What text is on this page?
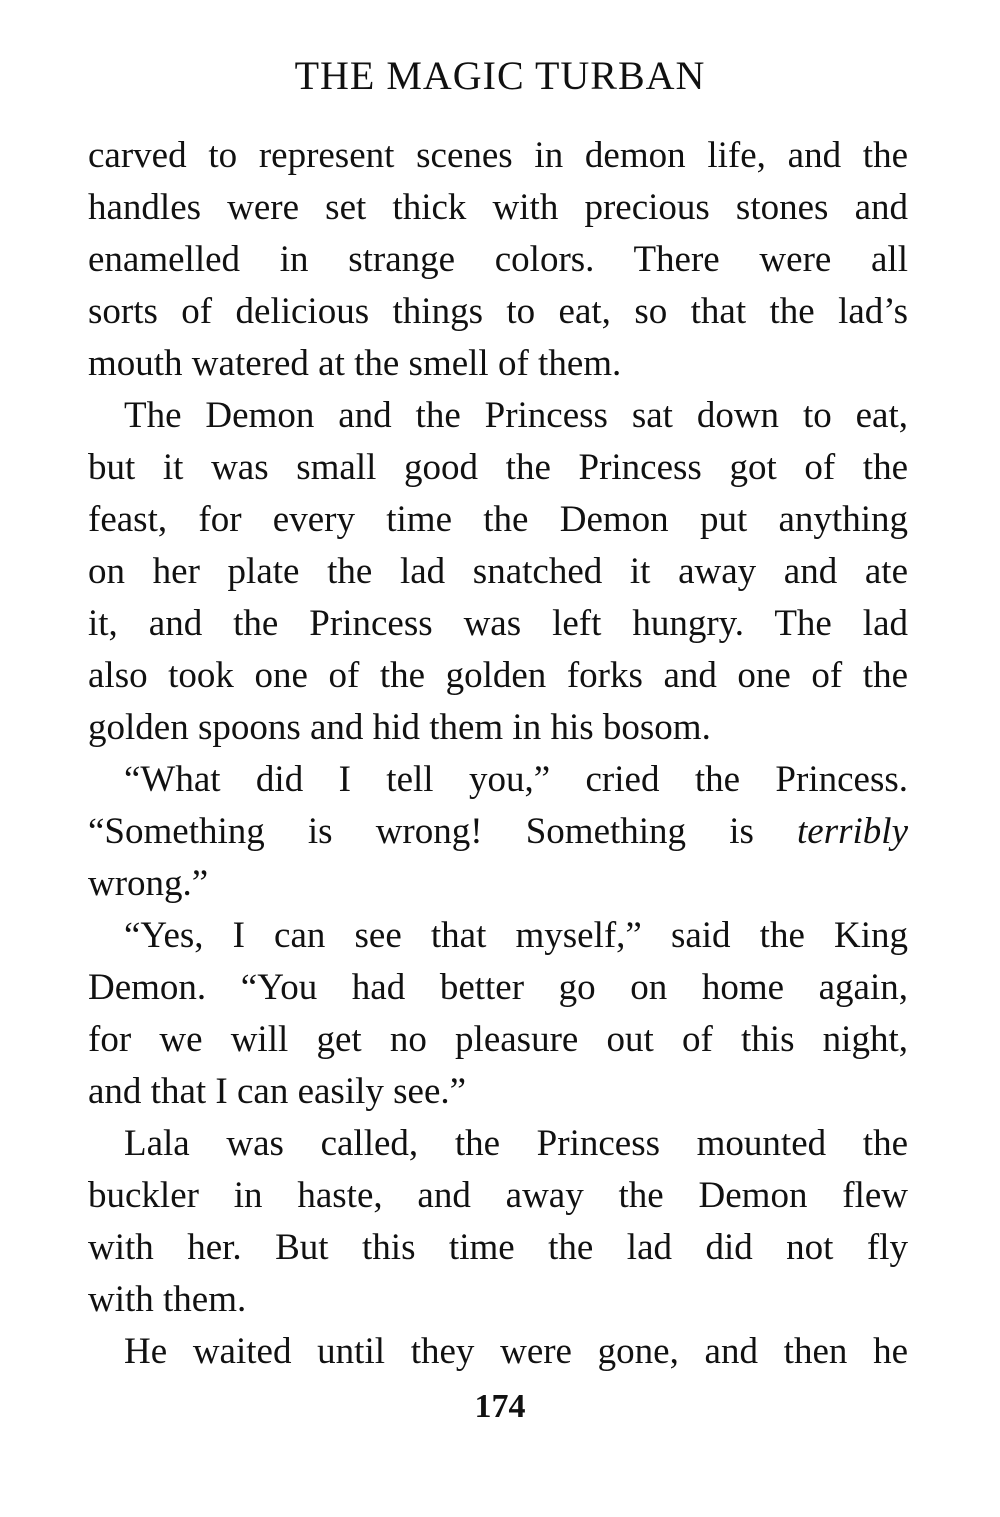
THE MAGIC TURBAN
carved to represent scenes in demon life, and the
handles were set thick with precious stones and
enamelled in strange colors. There were all
sorts of delicious things to eat, so that the lad’s
mouth watered at the smell of them.
The Demon and the Princess sat down to eat,
but it was small good the Princess got of the
feast, for every time the Demon put anything
on her plate the lad snatched it away and ate
it, and the Princess was left hungry. The lad
also took one of the golden forks and one of the
golden spoons and hid them in his bosom.
“What did I tell you,” cried the Princess.
“Something is wrong! Something is terribly
wrong.”
“Yes, I can see that myself,” said the King
Demon. “You had better go on home again,
for we will get no pleasure out of this night,
and that I can easily see.”
Lala was called, the Princess mounted the
buckler in haste, and away the Demon flew
with her. But this time the lad did not fly
with them.
He waited until they were gone, and then he
174
